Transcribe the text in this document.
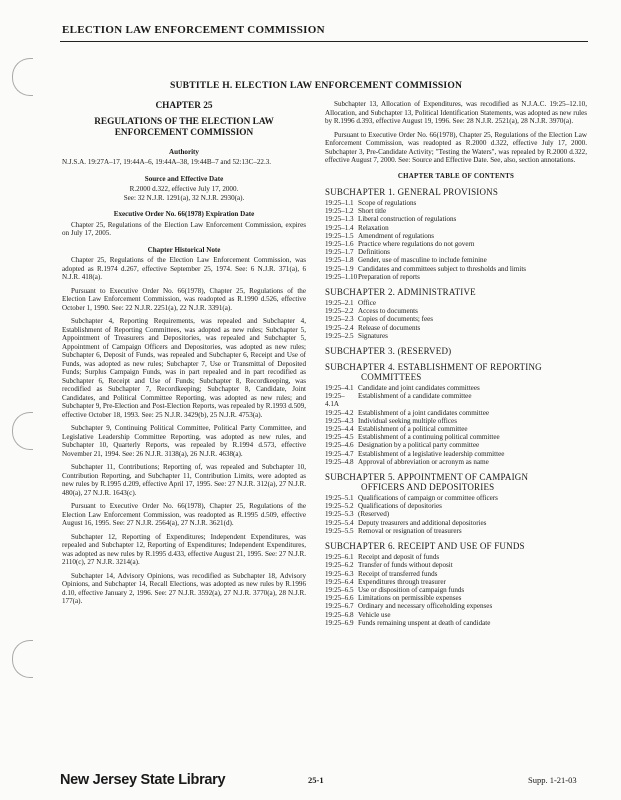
ELECTION LAW ENFORCEMENT COMMISSION
SUBTITLE H. ELECTION LAW ENFORCEMENT COMMISSION
CHAPTER 25
REGULATIONS OF THE ELECTION LAW
ENFORCEMENT COMMISSION
Authority

N.J.S.A. 19:27A–17, 19:44A–6, 19:44A–38, 19:44B–7 and 52:13C–22.3.

Source and Effective Date
R.2000 d.322, effective July 17, 2000.
See: 32 N.J.R. 1291(a), 32 N.J.R. 2930(a).
Executive Order No. 66(1978) Expiration Date

Chapter 25, Regulations of the Election Law Enforcement Commission, expires on July 17, 2005.

Chapter Historical Note

Chapter 25, Regulations of the Election Law Enforcement Commission, was adopted as R.1974 d.267, effective September 25, 1974. See: 6 N.J.R. 371(a), 6 N.J.R. 418(a).

Pursuant to Executive Order No. 66(1978), Chapter 25, Regulations of the Election Law Enforcement Commission, was readopted as R.1990 d.526, effective October 1, 1990. See: 22 N.J.R. 2251(a), 22 N.J.R. 3391(a).

Subchapter 4, Reporting Requirements, was repealed and Subchapter 4, Establishment of Reporting Committees, was adopted as new rules; Subchapter 5, Appointment of Treasurers and Depositories, was repealed and Subchapter 5, Appointment of Campaign Officers and Depositories, was adopted as new rules; Subchapter 6, Deposit of Funds, was repealed and Subchapter 6, Receipt and Use of Funds, was adopted as new rules; Subchapter 7, Use or Transmittal of Deposited Funds; Surplus Campaign Funds, was in part repealed and in part recodified as Subchapter 6, Receipt and Use of Funds; Subchapter 8, Recordkeeping, was recodified as Subchapter 7, Recordkeeping; Subchapter 8, Candidate, Joint Candidates, and Political Committee Reporting, was adopted as new rules; and Subchapter 9, Pre-Election and Post-Election Reports, was repealed by R.1993 d.509, effective October 18, 1993. See: 25 N.J.R. 3429(b), 25 N.J.R. 4753(a).

Subchapter 9, Continuing Political Committee, Political Party Committee, and Legislative Leadership Committee Reporting, was adopted as new rules, and Subchapter 10, Quarterly Reports, was repealed by R.1994 d.573, effective November 21, 1994. See: 26 N.J.R. 3138(a), 26 N.J.R. 4638(a).

Subchapter 11, Contributions; Reporting of, was repealed and Subchapter 10, Contribution Reporting, and Subchapter 11, Contribution Limits, were adopted as new rules by R.1995 d.209, effective April 17, 1995. See: 27 N.J.R. 312(a), 27 N.J.R. 480(a), 27 N.J.R. 1643(c).

Pursuant to Executive Order No. 66(1978), Chapter 25, Regulations of the Election Law Enforcement Commission, was readopted as R.1995 d.509, effective August 16, 1995. See: 27 N.J.R. 2564(a), 27 N.J.R. 3621(d).

Subchapter 12, Reporting of Expenditures; Independent Expenditures, was repealed and Subchapter 12, Reporting of Expenditures; Independent Expenditures, was adopted as new rules by R.1995 d.433, effective August 21, 1995. See: 27 N.J.R. 2110(c), 27 N.J.R. 3214(a).

Subchapter 14, Advisory Opinions, was recodified as Subchapter 18, Advisory Opinions, and Subchapter 14, Recall Elections, was adopted as new rules by R.1996 d.10, effective January 2, 1996. See: 27 N.J.R. 3592(a), 27 N.J.R. 3770(a), 28 N.J.R. 177(a).

Subchapter 13, Allocation of Expenditures, was recodified as N.J.A.C. 19:25–12.10, Allocation, and Subchapter 13, Political Identification Statements, was adopted as new rules by R.1996 d.393, effective August 19, 1996. See: 28 N.J.R. 2521(a), 28 N.J.R. 3970(a).

Pursuant to Executive Order No. 66(1978), Chapter 25, Regulations of the Election Law Enforcement Commission, was readopted as R.2000 d.322, effective July 17, 2000. Subchapter 3, Pre-Candidate Activity; "Testing the Waters", was repealed by R.2000 d.322, effective August 7, 2000. See: Source and Effective Date. See, also, section annotations.

CHAPTER TABLE OF CONTENTS
SUBCHAPTER 1. GENERAL PROVISIONS
19:25–1.1 Scope of regulations
19:25–1.2 Short title
19:25–1.3 Liberal construction of regulations
19:25–1.4 Relaxation
19:25–1.5 Amendment of regulations
19:25–1.6 Practice where regulations do not govern
19:25–1.7 Definitions
19:25–1.8 Gender, use of masculine to include feminine
19:25–1.9 Candidates and committees subject to thresholds and limits
19:25–1.10 Preparation of reports
SUBCHAPTER 2. ADMINISTRATIVE
19:25–2.1 Office
19:25–2.2 Access to documents
19:25–2.3 Copies of documents; fees
19:25–2.4 Release of documents
19:25–2.5 Signatures
SUBCHAPTER 3. (RESERVED)
SUBCHAPTER 4. ESTABLISHMENT OF REPORTING
COMMITTEES
19:25–4.1 Candidate and joint candidates committees
19:25–4.1A
Establishment of a candidate committee
19:25–4.2 Establishment of a joint candidates committee
19:25–4.3 Individual seeking multiple offices
19:25–4.4 Establishment of a political committee
19:25–4.5 Establishment of a continuing political committee
19:25–4.6 Designation by a political party committee
19:25–4.7 Establishment of a legislative leadership committee
19:25–4.8 Approval of abbreviation or acronym as name
SUBCHAPTER 5. APPOINTMENT OF CAMPAIGN
OFFICERS AND DEPOSITORIES
19:25–5.1 Qualifications of campaign or committee officers
19:25–5.2 Qualifications of depositories
19:25–5.3 (Reserved)
19:25–5.4 Deputy treasurers and additional depositories
19:25–5.5 Removal or resignation of treasurers
SUBCHAPTER 6. RECEIPT AND USE OF FUNDS
19:25–6.1 Receipt and deposit of funds
19:25–6.2 Transfer of funds without deposit
19:25–6.3 Receipt of transferred funds
19:25–6.4 Expenditures through treasurer
19:25–6.5 Use or disposition of campaign funds
19:25–6.6 Limitations on permissible expenses
19:25–6.7 Ordinary and necessary officeholding expenses
19:25–6.8 Vehicle use
19:25–6.9 Funds remaining unspent at death of candidate
New Jersey State Library	25-1	Supp. 1-21-03
